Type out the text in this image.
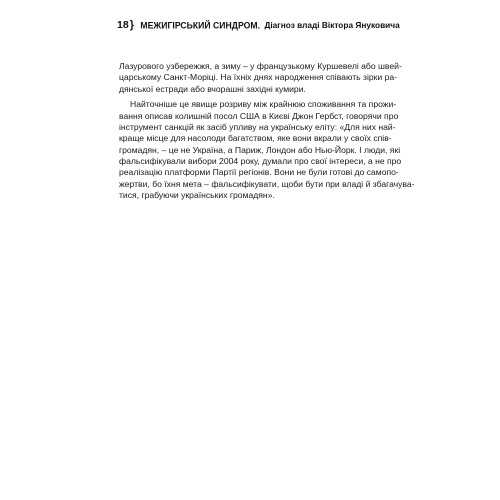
18} МЕЖИГІРСЬКИЙ СИНДРОМ. Діагноз владі Віктора Януковича

Лазурового узбережжя, а зиму – у французькому Куршевелі або швей-
царському Санкт-Моріці. На їхніх днях народження співають зірки ра-
дянської естради або вчорашні західні кумири.

Найточніше це явище розриву між крайнюю споживання та прожи-
вання описав колишній посол США в Києві Джон Гербст, говорячи про
інструмент санкцій як засіб упливу на українську еліту: «Для них най-
краще місце для насолоди багатством, яке вони вкрали у своїх спів-
громадян, – це не Україна, а Париж, Лондон або Нью-Йорк. І люди, які
фальсифікували вибори 2004 року, думали про свої інтереси, а не про
реалізацію платформи Партії регіонів. Вони не були готові до самопо-
жертви, бо їхня мета – фальсифікувати, щоби бути при владі й збагачува-
тися, грабуючи українських громадян».
